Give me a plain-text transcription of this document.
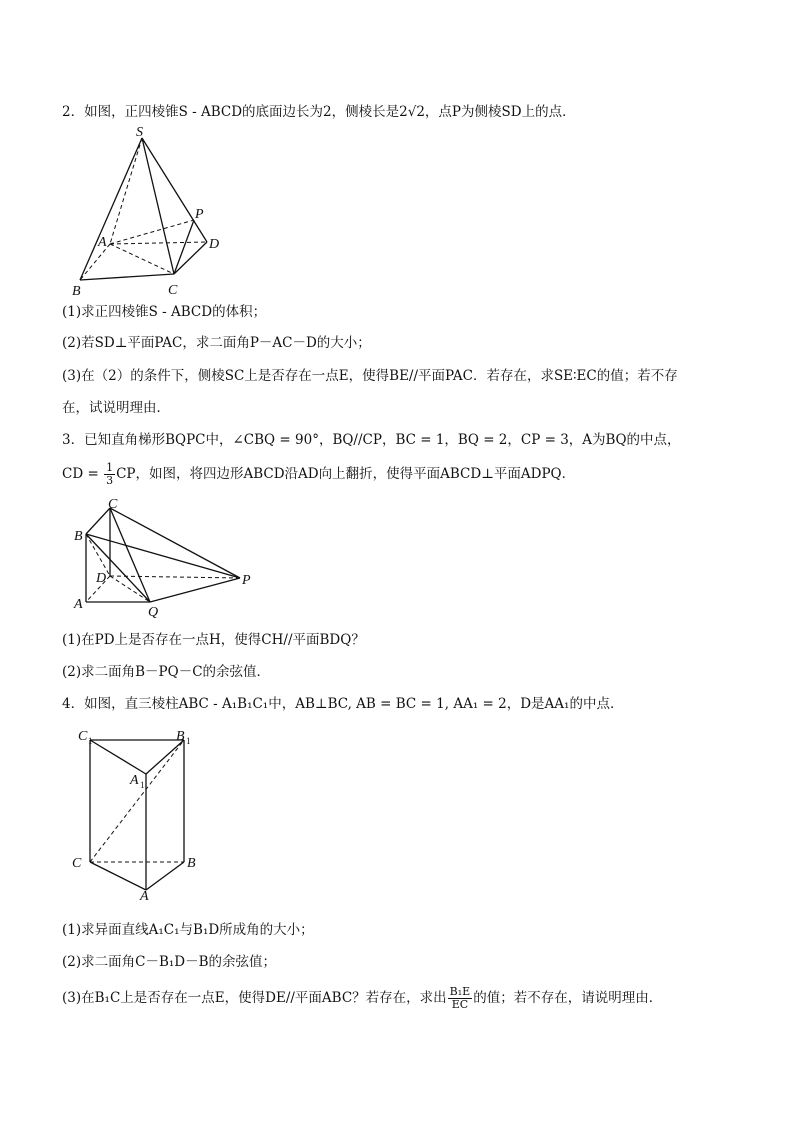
2．如图，正四棱锥S - ABCD的底面边长为2，侧棱长是2√2，点P为侧棱SD上的点．
S
P
A	D
B	C
(1)求正四棱锥S - ABCD的体积；
(2)若SD⊥平面PAC，求二面角P－AC－D的大小；
(3)在（2）的条件下，侧棱SC上是否存在一点E，使得BE//平面PAC．若存在，求SE∶EC的值；若不存
在，试说明理由．
3．已知直角梯形BQPC中，∠CBQ = 90°，BQ//CP，BC = 1，BQ = 2，CP = 3，A为BQ的中点，
CD = $\frac{1}{3}$ CP，如图，将四边形ABCD沿AD向上翻折，使得平面ABCD⊥平面ADPQ．
C
B
D	P
A
Q
(1)在PD上是否存在一点H，使得CH//平面BDQ？
(2)求二面角B－PQ－C的余弦值．
4．如图，直三棱柱ABC - A₁B₁C₁中，AB⊥BC, AB = BC = 1, AA₁ = 2，D是AA₁的中点．
C 1	B 1
A 1
C	B
A
(1)求异面直线A₁C₁与B₁D所成角的大小；
(2)求二面角C－B₁D－B的余弦值；
(3)在B₁C上是否存在一点E，使得DE//平面ABC？若存在，求出 $\frac{\text{B₁E}}{EC}$ 的值；若不存在，请说明理由．
